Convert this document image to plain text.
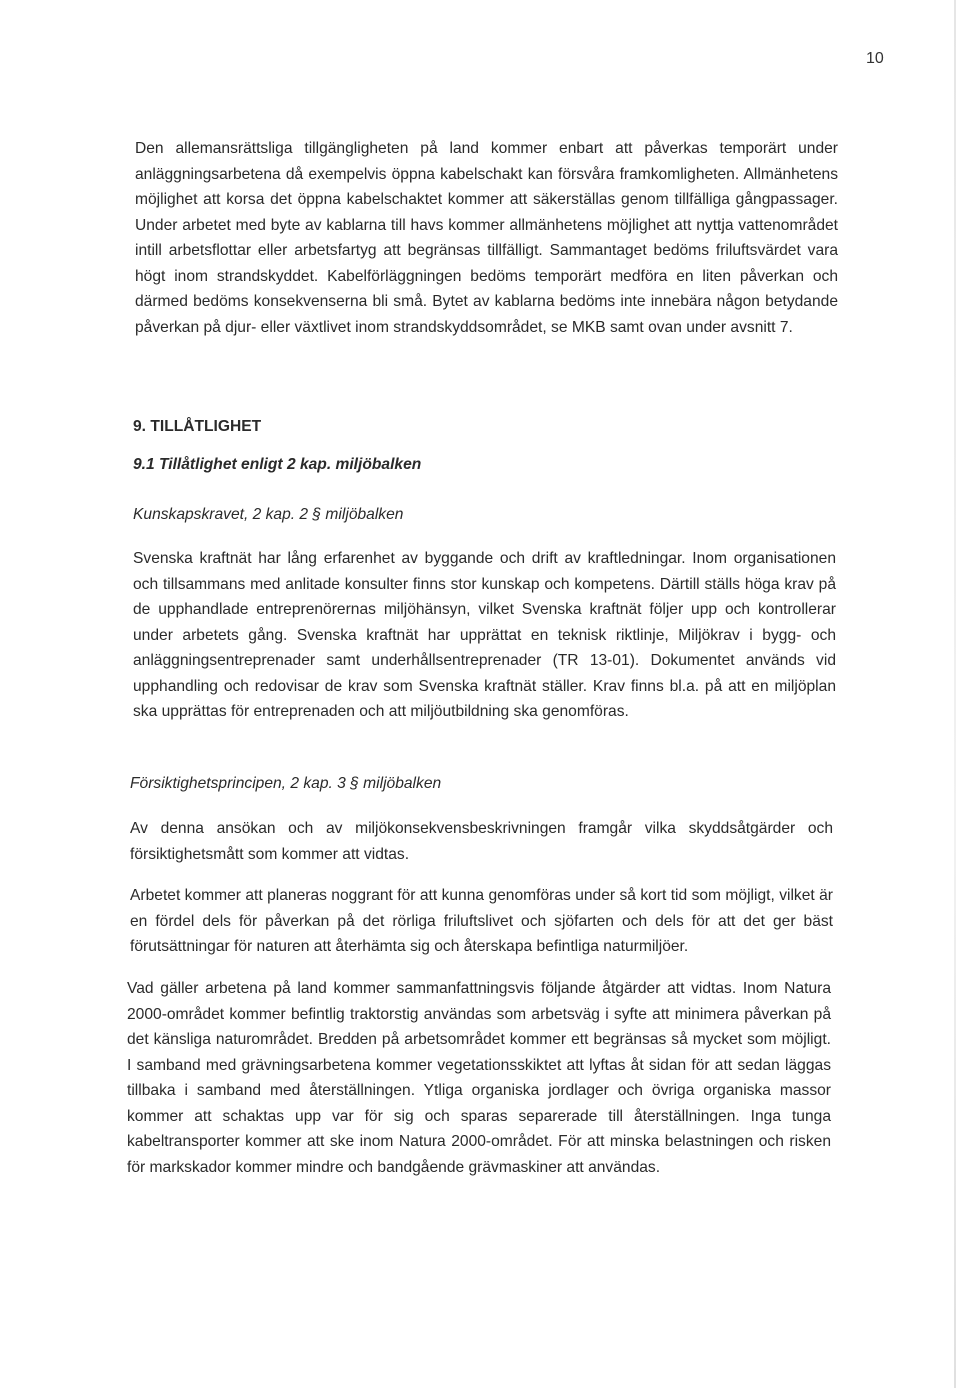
10

Den allemansrättsliga tillgängligheten på land kommer enbart att påverkas temporärt under anläggningsarbetena då exempelvis öppna kabelschakt kan försvåra framkomligheten. Allmänhetens möjlighet att korsa det öppna kabelschaktet kommer att säkerställas genom tillfälliga gångpassager. Under arbetet med byte av kablarna till havs kommer allmänhetens möjlighet att nyttja vattenområdet intill arbetsflottar eller arbetsfartyg att begränsas tillfälligt. Sammantaget bedöms friluftsvärdet vara högt inom strandskyddet. Kabelförläggningen bedöms temporärt medföra en liten påverkan och därmed bedöms konsekvenserna bli små. Bytet av kablarna bedöms inte innebära någon betydande påverkan på djur- eller växtlivet inom strandskyddsområdet, se MKB samt ovan under avsnitt 7.

9. TILLÅTLIGHET
9.1 Tillåtlighet enligt 2 kap. miljöbalken

Kunskapskravet, 2 kap. 2 § miljöbalken

Svenska kraftnät har lång erfarenhet av byggande och drift av kraftledningar. Inom organisationen och tillsammans med anlitade konsulter finns stor kunskap och kompetens. Därtill ställs höga krav på de upphandlade entreprenörernas miljöhänsyn, vilket Svenska kraftnät följer upp och kontrollerar under arbetets gång. Svenska kraftnät har upprättat en teknisk riktlinje, Miljökrav i bygg- och anläggningsentreprenader samt underhållsentreprenader (TR 13-01). Dokumentet används vid upphandling och redovisar de krav som Svenska kraftnät ställer. Krav finns bl.a. på att en miljöplan ska upprättas för entreprenaden och att miljöutbildning ska genomföras.

Försiktighetsprincipen, 2 kap. 3 § miljöbalken

Av denna ansökan och av miljökonsekvensbeskrivningen framgår vilka skyddsåtgärder och försiktighetsmått som kommer att vidtas.

Arbetet kommer att planeras noggrant för att kunna genomföras under så kort tid som möjligt, vilket är en fördel dels för påverkan på det rörliga friluftslivet och sjöfarten och dels för att det ger bäst förutsättningar för naturen att återhämta sig och återskapa befintliga naturmiljöer.

Vad gäller arbetena på land kommer sammanfattningsvis följande åtgärder att vidtas. Inom Natura 2000-området kommer befintlig traktorstig användas som arbetsväg i syfte att minimera påverkan på det känsliga naturområdet. Bredden på arbetsområdet kommer ett begränsas så mycket som möjligt. I samband med grävningsarbetena kommer vegetationsskiktet att lyftas åt sidan för att sedan läggas tillbaka i samband med återställningen. Ytliga organiska jordlager och övriga organiska massor kommer att schaktas upp var för sig och sparas separerade till återställningen. Inga tunga kabeltransporter kommer att ske inom Natura 2000-området. För att minska belastningen och risken för markskador kommer mindre och bandgående grävmaskiner att användas.
